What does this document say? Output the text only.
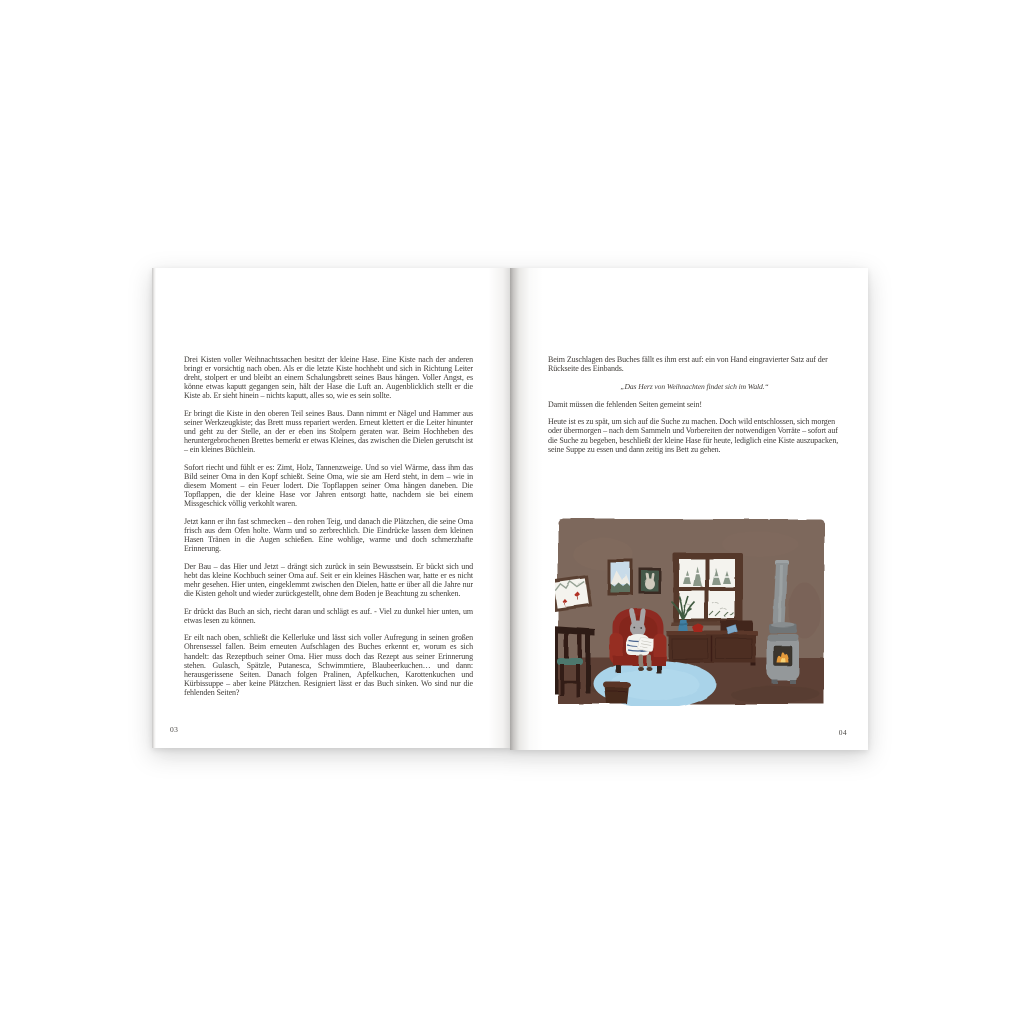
Drei Kisten voller Weihnachtssachen besitzt der kleine Hase. Eine Kiste nach der anderen bringt er vorsichtig nach oben. Als er die letzte Kiste hochhebt und sich in Richtung Leiter dreht, stolpert er und bleibt an einem Schalungsbrett seines Baus hängen. Voller Angst, es könne etwas kaputt gegangen sein, hält der Hase die Luft an. Augenblicklich stellt er die Kiste ab. Er sieht hinein – nichts kaputt, alles so, wie es sein sollte.

Er bringt die Kiste in den oberen Teil seines Baus. Dann nimmt er Nägel und Hammer aus seiner Werkzeugkiste; das Brett muss repariert werden. Erneut klettert er die Leiter hinunter und geht zu der Stelle, an der er eben ins Stolpern geraten war. Beim Hochheben des heruntergebrochenen Brettes bemerkt er etwas Kleines, das zwischen die Dielen gerutscht ist – ein kleines Büchlein.

Sofort riecht und fühlt er es: Zimt, Holz, Tannenzweige. Und so viel Wärme, dass ihm das Bild seiner Oma in den Kopf schießt. Seine Oma, wie sie am Herd steht, in dem – wie in diesem Moment – ein Feuer lodert. Die Topflappen seiner Oma hängen daneben. Die Topflappen, die der kleine Hase vor Jahren entsorgt hatte, nachdem sie bei einem Missgeschick völlig verkohlt waren.

Jetzt kann er ihn fast schmecken – den rohen Teig, und danach die Plätzchen, die seine Oma frisch aus dem Ofen holte. Warm und so zerbrechlich. Die Eindrücke lassen dem kleinen Hasen Tränen in die Augen schießen. Eine wohlige, warme und doch schmerzhafte Erinnerung.

Der Bau – das Hier und Jetzt – drängt sich zurück in sein Bewusstsein. Er bückt sich und hebt das kleine Kochbuch seiner Oma auf. Seit er ein kleines Häschen war, hatte er es nicht mehr gesehen. Hier unten, eingeklemmt zwischen den Dielen, hatte er über all die Jahre nur die Kisten geholt und wieder zurückgestellt, ohne dem Boden je Beachtung zu schenken.

Er drückt das Buch an sich, riecht daran und schlägt es auf. - Viel zu dunkel hier unten, um etwas lesen zu können.

Er eilt nach oben, schließt die Kellerluke und lässt sich voller Aufregung in seinen großen Ohrensessel fallen. Beim erneuten Aufschlagen des Buches erkennt er, worum es sich handelt: das Rezeptbuch seiner Oma. Hier muss doch das Rezept aus seiner Erinnerung stehen. Gulasch, Spätzle, Putanesca, Schwimmtiere, Blaubeerkuchen… und dann: herausgerissene Seiten. Danach folgen Pralinen, Apfelkuchen, Karottenkuchen und Kürbissuppe – aber keine Plätzchen. Resigniert lässt er das Buch sinken. Wo sind nur die fehlenden Seiten?

03

Beim Zuschlagen des Buches fällt es ihm erst auf: ein von Hand eingravierter Satz auf der Rückseite des Einbands.

„Das Herz von Weihnachten findet sich im Wald.“

Damit müssen die fehlenden Seiten gemeint sein!

Heute ist es zu spät, um sich auf die Suche zu machen. Doch wild entschlossen, sich morgen oder übermorgen – nach dem Sammeln und Vorbereiten der notwendigen Vorräte – sofort auf die Suche zu begeben, beschließt der kleine Hase für heute, lediglich eine Kiste auszupacken, seine Suppe zu essen und dann zeitig ins Bett zu gehen.

04
